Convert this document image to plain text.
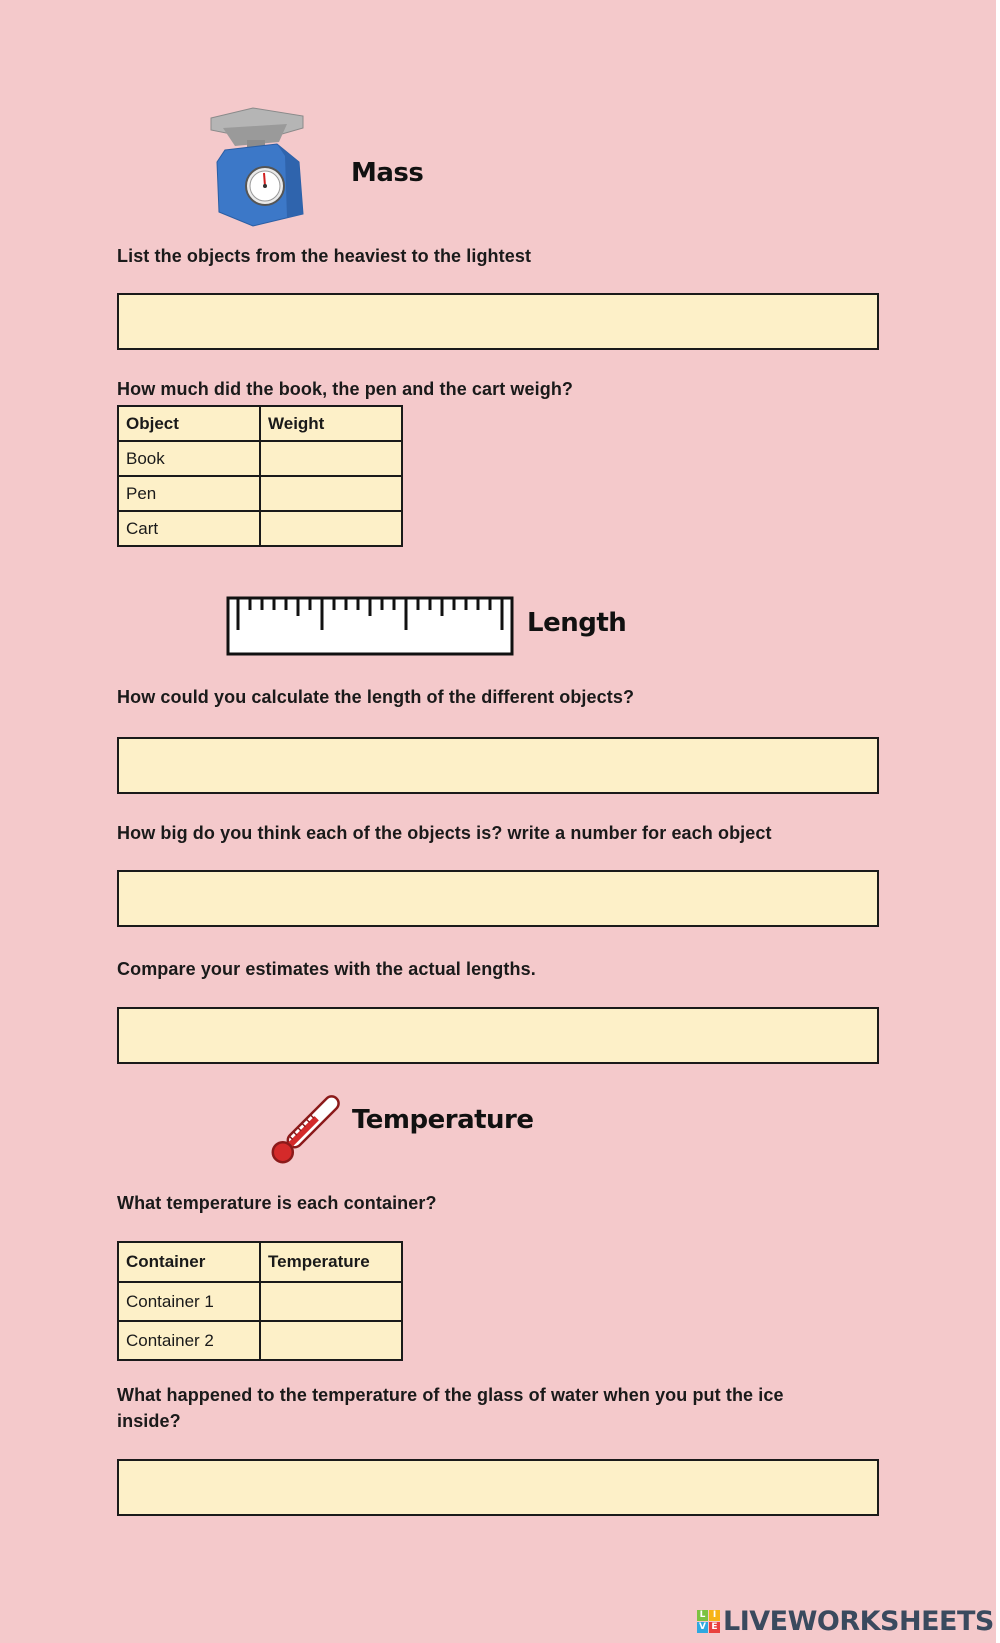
Mass
List the objects from the heaviest to the lightest
How much did the book, the pen and the cart weigh?
Object	Weight
Book	
Pen	
Cart	
Length
How could you calculate the length of the different objects?
How big do you think each of the objects is? write a number for each object
Compare your estimates with the actual lengths.
Temperature
What temperature is each container?
Container	Temperature
Container 1	
Container 2	
What happened to the temperature of the glass of water when you put the ice
inside?
L I
V E LIVEWORKSHEETS
